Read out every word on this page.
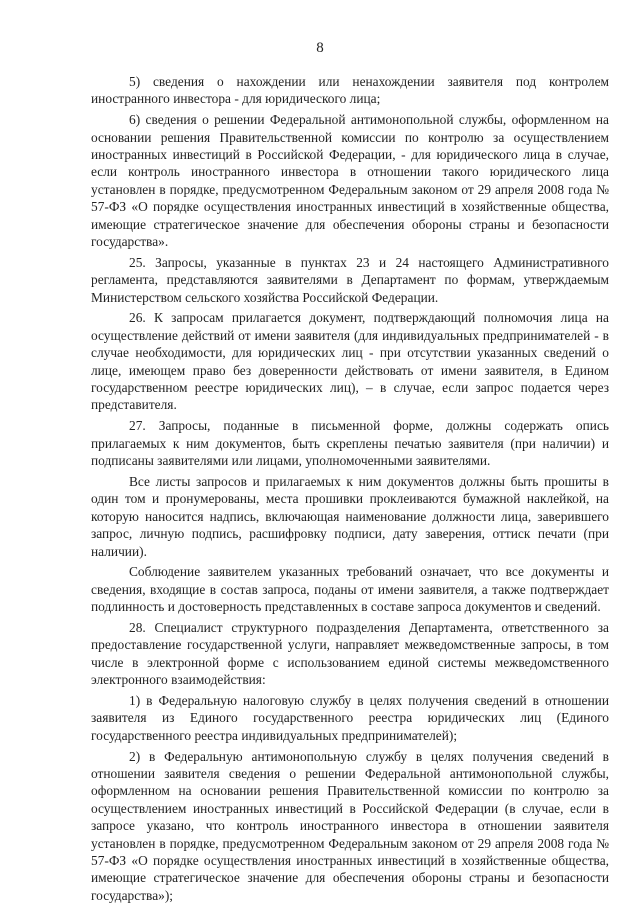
8

5) сведения о нахождении или ненахождении заявителя под контролем иностранного инвестора - для юридического лица;

6) сведения о решении Федеральной антимонопольной службы, оформленном на основании решения Правительственной комиссии по контролю за осуществлением иностранных инвестиций в Российской Федерации, - для юридического лица в случае, если контроль иностранного инвестора в отношении такого юридического лица установлен в порядке, предусмотренном Федеральным законом от 29 апреля 2008 года № 57-ФЗ «О порядке осуществления иностранных инвестиций в хозяйственные общества, имеющие стратегическое значение для обеспечения обороны страны и безопасности государства».

25. Запросы, указанные в пунктах 23 и 24 настоящего Административного регламента, представляются заявителями в Департамент по формам, утверждаемым Министерством сельского хозяйства Российской Федерации.

26. К запросам прилагается документ, подтверждающий полномочия лица на осуществление действий от имени заявителя (для индивидуальных предпринимателей - в случае необходимости, для юридических лиц - при отсутствии указанных сведений о лице, имеющем право без доверенности действовать от имени заявителя, в Едином государственном реестре юридических лиц), – в случае, если запрос подается через представителя.

27. Запросы, поданные в письменной форме, должны содержать опись прилагаемых к ним документов, быть скреплены печатью заявителя (при наличии) и подписаны заявителями или лицами, уполномоченными заявителями.

Все листы запросов и прилагаемых к ним документов должны быть прошиты в один том и пронумерованы, места прошивки проклеиваются бумажной наклейкой, на которую наносится надпись, включающая наименование должности лица, заверившего запрос, личную подпись, расшифровку подписи, дату заверения, оттиск печати (при наличии).

Соблюдение заявителем указанных требований означает, что все документы и сведения, входящие в состав запроса, поданы от имени заявителя, а также подтверждает подлинность и достоверность представленных в составе запроса документов и сведений.

28. Специалист структурного подразделения Департамента, ответственного за предоставление государственной услуги, направляет межведомственные запросы, в том числе в электронной форме с использованием единой системы межведомственного электронного взаимодействия:

1) в Федеральную налоговую службу в целях получения сведений в отношении заявителя из Единого государственного реестра юридических лиц (Единого государственного реестра индивидуальных предпринимателей);

2) в Федеральную антимонопольную службу в целях получения сведений в отношении заявителя сведения о решении Федеральной антимонопольной службы, оформленном на основании решения Правительственной комиссии по контролю за осуществлением иностранных инвестиций в Российской Федерации (в случае, если в запросе указано, что контроль иностранного инвестора в отношении заявителя установлен в порядке, предусмотренном Федеральным законом от 29 апреля 2008 года № 57-ФЗ «О порядке осуществления иностранных инвестиций в хозяйственные общества, имеющие стратегическое значение для обеспечения обороны страны и безопасности государства»);
